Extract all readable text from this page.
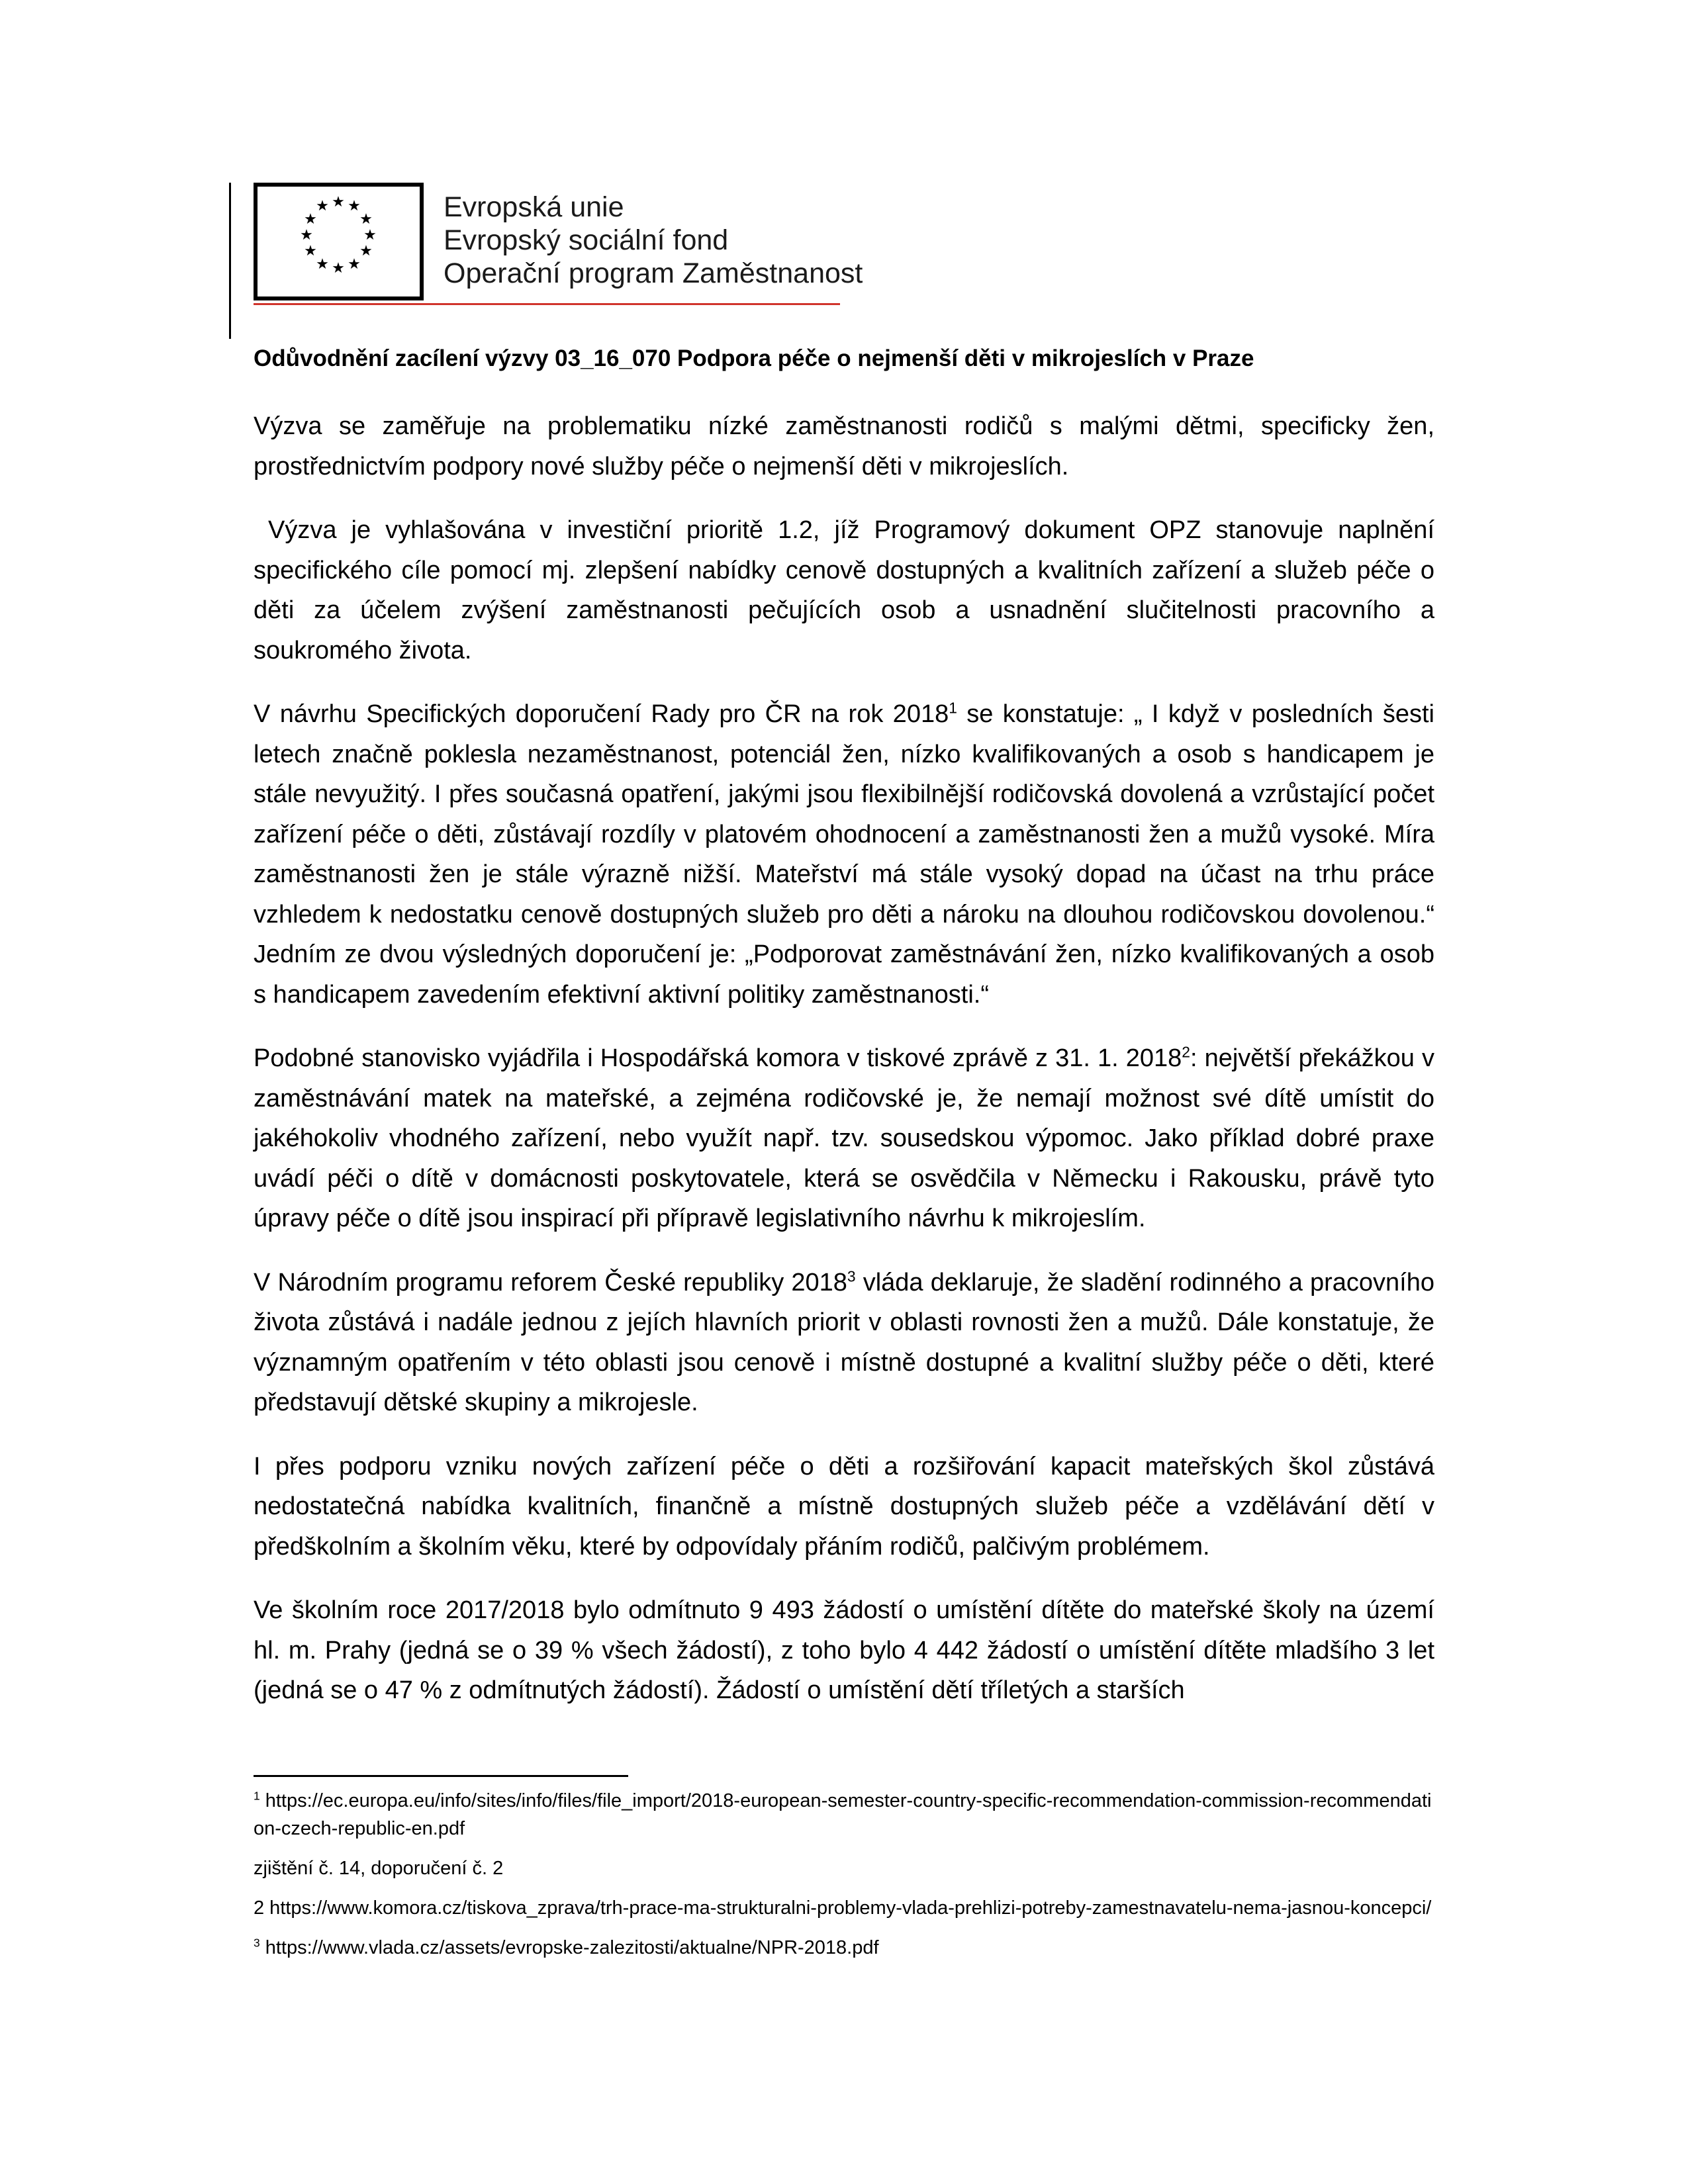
★ ★
★
★
★
★
★
★
★
★
★ ★
Evropská unie
Evropský sociální fond
Operační program Zaměstnanost
Odůvodnění zacílení výzvy 03_16_070 Podpora péče o nejmenší děti v mikrojeslích v Praze

Výzva se zaměřuje na problematiku nízké zaměstnanosti rodičů s malými dětmi, specificky žen, prostřednictvím podpory nové služby péče o nejmenší děti v mikrojeslích.

Výzva je vyhlašována v investiční prioritě 1.2, jíž Programový dokument OPZ stanovuje naplnění specifického cíle pomocí mj. zlepšení nabídky cenově dostupných a kvalitních zařízení a služeb péče o děti za účelem zvýšení zaměstnanosti pečujících osob a usnadnění slučitelnosti pracovního a soukromého života.

V návrhu Specifických doporučení Rady pro ČR na rok 2018$^1$ se konstatuje: „ I když v posledních šesti letech značně poklesla nezaměstnanost, potenciál žen, nízko kvalifikovaných a osob s handicapem je stále nevyužitý. I přes současná opatření, jakými jsou flexibilnější rodičovská dovolená a vzrůstající počet zařízení péče o děti, zůstávají rozdíly v platovém ohodnocení a zaměstnanosti žen a mužů vysoké. Míra zaměstnanosti žen je stále výrazně nižší. Mateřství má stále vysoký dopad na účast na trhu práce vzhledem k nedostatku cenově dostupných služeb pro děti a nároku na dlouhou rodičovskou dovolenou.“ Jedním ze dvou výsledných doporučení je: „Podporovat zaměstnávání žen, nízko kvalifikovaných a osob s handicapem zavedením efektivní aktivní politiky zaměstnanosti.“

Podobné stanovisko vyjádřila i Hospodářská komora v tiskové zprávě z 31. 1. 2018$^2$: největší překážkou v zaměstnávání matek na mateřské, a zejména rodičovské je, že nemají možnost své dítě umístit do jakéhokoliv vhodného zařízení, nebo využít např. tzv. sousedskou výpomoc. Jako příklad dobré praxe uvádí péči o dítě v domácnosti poskytovatele, která se osvědčila v Německu i Rakousku, právě tyto úpravy péče o dítě jsou inspirací při přípravě legislativního návrhu k mikrojeslím.

V Národním programu reforem České republiky 2018$^3$ vláda deklaruje, že sladění rodinného a pracovního života zůstává i nadále jednou z jejích hlavních priorit v oblasti rovnosti žen a mužů. Dále konstatuje, že významným opatřením v této oblasti jsou cenově i místně dostupné a kvalitní služby péče o děti, které představují dětské skupiny a mikrojesle.

I přes podporu vzniku nových zařízení péče o děti a rozšiřování kapacit mateřských škol zůstává nedostatečná nabídka kvalitních, finančně a místně dostupných služeb péče a vzdělávání dětí v předškolním a školním věku, které by odpovídaly přáním rodičů, palčivým problémem.

Ve školním roce 2017/2018 bylo odmítnuto 9 493 žádostí o umístění dítěte do mateřské školy na území hl. m. Prahy (jedná se o 39 % všech žádostí), z toho bylo 4 442 žádostí o umístění dítěte mladšího 3 let (jedná se o 47 % z odmítnutých žádostí). Žádostí o umístění dětí tříletých a starších

$^1$ https://ec.europa.eu/info/sites/info/files/file_import/2018-european-semester-country-specific-recommendation-commission-recommendation-czech-republic-en.pdf

zjištění č. 14, doporučení č. 2

2 https://www.komora.cz/tiskova_zprava/trh-prace-ma-strukturalni-problemy-vlada-prehlizi-potreby-zamestnavatelu-nema-jasnou-koncepci/

$^3$ https://www.vlada.cz/assets/evropske-zalezitosti/aktualne/NPR-2018.pdf
